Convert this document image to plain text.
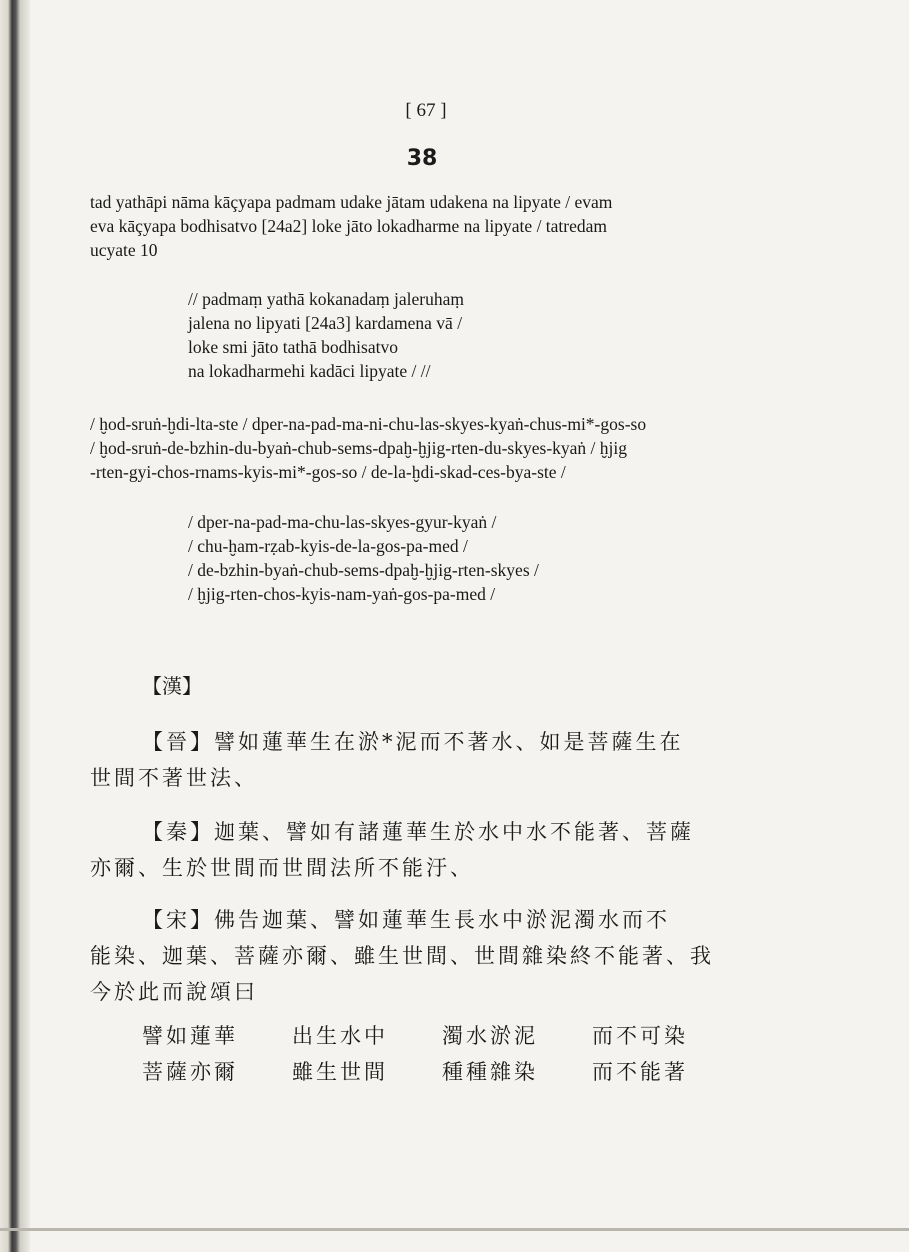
[ 67 ]
38
tad yathāpi nāma kāçyapa padmam udake jātam udakena na lipyate / evam
eva kāçyapa bodhisatvo [24a2] loke jāto lokadharme na lipyate / tatredam
ucyate 10
// padmaṃ yathā kokanadaṃ jaleruhaṃ
jalena no lipyati [24a3] kardamena vā /
loke smi jāto tathā bodhisatvo
na lokadharmehi kadāci lipyate / //
/ ḫod-sruṅ-ḫdi-lta-ste / dper-na-pad-ma-ni-chu-las-skyes-kyaṅ-chus-mi*-gos-so
/ ḫod-sruṅ-de-bzhin-du-byaṅ-chub-sems-dpaḫ-ḫjig-rten-du-skyes-kyaṅ / ḫjig
-rten-gyi-chos-rnams-kyis-mi*-gos-so / de-la-ḫdi-skad-ces-bya-ste /
/ dper-na-pad-ma-chu-las-skyes-gyur-kyaṅ /
/ chu-ḫam-rẓab-kyis-de-la-gos-pa-med /
/ de-bzhin-byaṅ-chub-sems-dpaḫ-ḫjig-rten-skyes /
/ ḫjig-rten-chos-kyis-nam-yaṅ-gos-pa-med /
【漢】
【晉】譬如蓮華生在淤*泥而不著水、如是菩薩生在
世間不著世法、
【秦】迦葉、譬如有諸蓮華生於水中水不能著、菩薩
亦爾、生於世間而世間法所不能汙、
【宋】佛告迦葉、譬如蓮華生長水中淤泥濁水而不
能染、迦葉、菩薩亦爾、雖生世間、世間雜染終不能著、我
今於此而說頌曰
譬如蓮華	出生水中	濁水淤泥	而不可染
菩薩亦爾	雖生世間	種種雜染	而不能著
